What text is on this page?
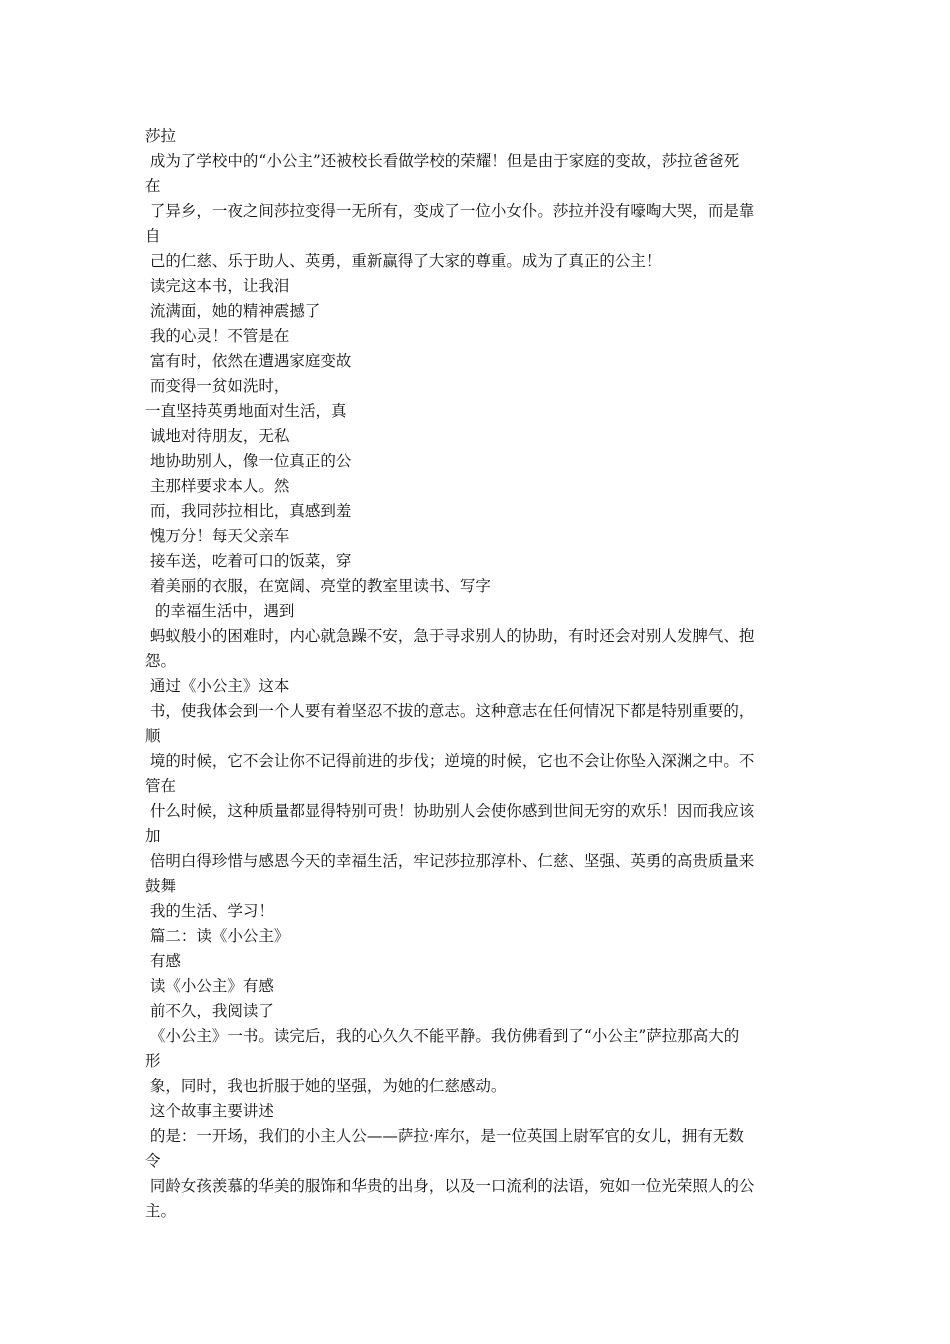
莎拉
成为了学校中的“小公主”还被校长看做学校的荣耀！但是由于家庭的变故，莎拉爸爸死
在
了异乡，一夜之间莎拉变得一无所有，变成了一位小女仆。莎拉并没有嚎啕大哭，而是靠
自
己的仁慈、乐于助人、英勇，重新赢得了大家的尊重。成为了真正的公主！
读完这本书，让我泪
流满面，她的精神震撼了
我的心灵！不管是在
富有时，依然在遭遇家庭变故
而变得一贫如洗时，
一直坚持英勇地面对生活，真
诚地对待朋友，无私
地协助别人，像一位真正的公
主那样要求本人。然
而，我同莎拉相比，真感到羞
愧万分！每天父亲车
接车送，吃着可口的饭菜，穿
着美丽的衣服，在宽阔、亮堂的教室里读书、写字
的幸福生活中，遇到
蚂蚁般小的困难时，内心就急躁不安，急于寻求别人的协助，有时还会对别人发脾气、抱
怨。
通过《小公主》这本
书，使我体会到一个人要有着坚忍不拔的意志。这种意志在任何情况下都是特别重要的，
顺
境的时候，它不会让你不记得前进的步伐；逆境的时候，它也不会让你坠入深渊之中。不
管在
什么时候，这种质量都显得特别可贵！协助别人会使你感到世间无穷的欢乐！因而我应该
加
倍明白得珍惜与感恩今天的幸福生活，牢记莎拉那淳朴、仁慈、坚强、英勇的高贵质量来
鼓舞
我的生活、学习！
篇二：读《小公主》
有感
读《小公主》有感
前不久，我阅读了
《小公主》一书。读完后，我的心久久不能平静。我仿佛看到了“小公主”萨拉那高大的
形
象，同时，我也折服于她的坚强，为她的仁慈感动。
这个故事主要讲述
的是：一开场，我们的小主人公——萨拉·库尔，是一位英国上尉军官的女儿，拥有无数
令
同龄女孩羡慕的华美的服饰和华贵的出身，以及一口流利的法语，宛如一位光荣照人的公
主。
